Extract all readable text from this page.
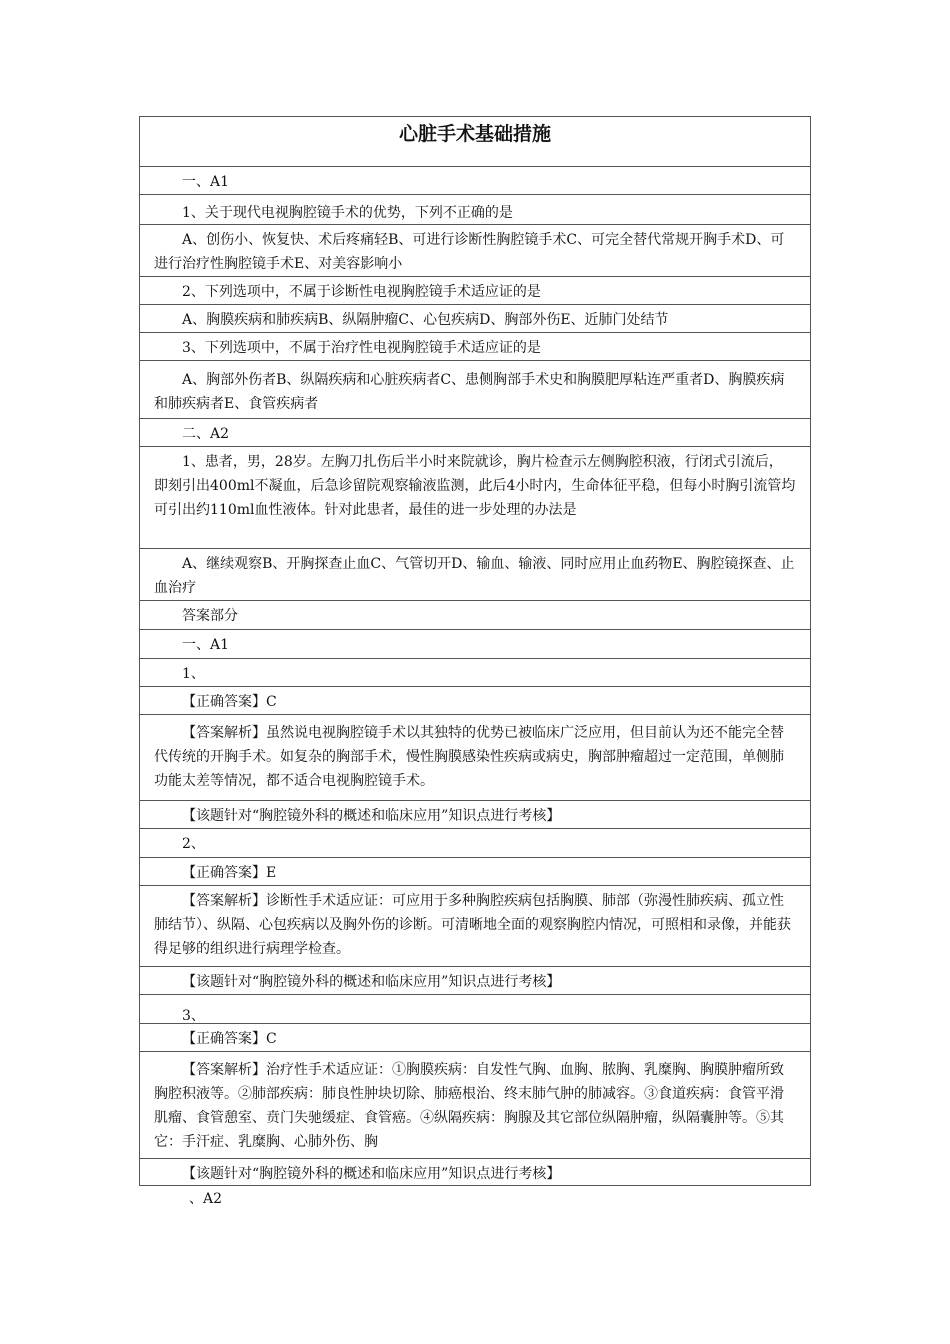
心脏手术基础措施
一、A1
1、关于现代电视胸腔镜手术的优势，下列不正确的是
A、创伤小、恢复快、术后疼痛轻B、可进行诊断性胸腔镜手术C、可完全替代常规开胸手术D、可进行治疗性胸腔镜手术E、对美容影响小
2、下列选项中，不属于诊断性电视胸腔镜手术适应证的是
A、胸膜疾病和肺疾病B、纵隔肿瘤C、心包疾病D、胸部外伤E、近肺门处结节
3、下列选项中，不属于治疗性电视胸腔镜手术适应证的是
A、胸部外伤者B、纵隔疾病和心脏疾病者C、患侧胸部手术史和胸膜肥厚粘连严重者D、胸膜疾病和肺疾病者E、食管疾病者
二、A2
1、患者，男，28岁。左胸刀扎伤后半小时来院就诊，胸片检查示左侧胸腔积液，行闭式引流后，即刻引出400ml不凝血，后急诊留院观察输液监测，此后4小时内，生命体征平稳，但每小时胸引流管均可引出约110ml血性液体。针对此患者，最佳的进一步处理的办法是
A、继续观察B、开胸探查止血C、气管切开D、输血、输液、同时应用止血药物E、胸腔镜探查、止血治疗
答案部分
一、A1
1、
【正确答案】C
【答案解析】虽然说电视胸腔镜手术以其独特的优势已被临床广泛应用，但目前认为还不能完全替代传统的开胸手术。如复杂的胸部手术，慢性胸膜感染性疾病或病史，胸部肿瘤超过一定范围，单侧肺功能太差等情况，都不适合电视胸腔镜手术。
【该题针对“胸腔镜外科的概述和临床应用”知识点进行考核】
2、
【正确答案】E
【答案解析】诊断性手术适应证：可应用于多种胸腔疾病包括胸膜、肺部（弥漫性肺疾病、孤立性肺结节）、纵隔、心包疾病以及胸外伤的诊断。可清晰地全面的观察胸腔内情况，可照相和录像，并能获得足够的组织进行病理学检查。
【该题针对“胸腔镜外科的概述和临床应用”知识点进行考核】
3、
【正确答案】C
【答案解析】治疗性手术适应证：①胸膜疾病：自发性气胸、血胸、脓胸、乳糜胸、胸膜肿瘤所致胸腔积液等。②肺部疾病：肺良性肿块切除、肺癌根治、终末肺气肿的肺减容。③食道疾病：食管平滑肌瘤、食管憩室、贲门失驰缓症、食管癌。④纵隔疾病：胸腺及其它部位纵隔肿瘤，纵隔囊肿等。⑤其它：手汗症、乳糜胸、心肺外伤、胸
【该题针对“胸腔镜外科的概述和临床应用”知识点进行考核】
、A2
